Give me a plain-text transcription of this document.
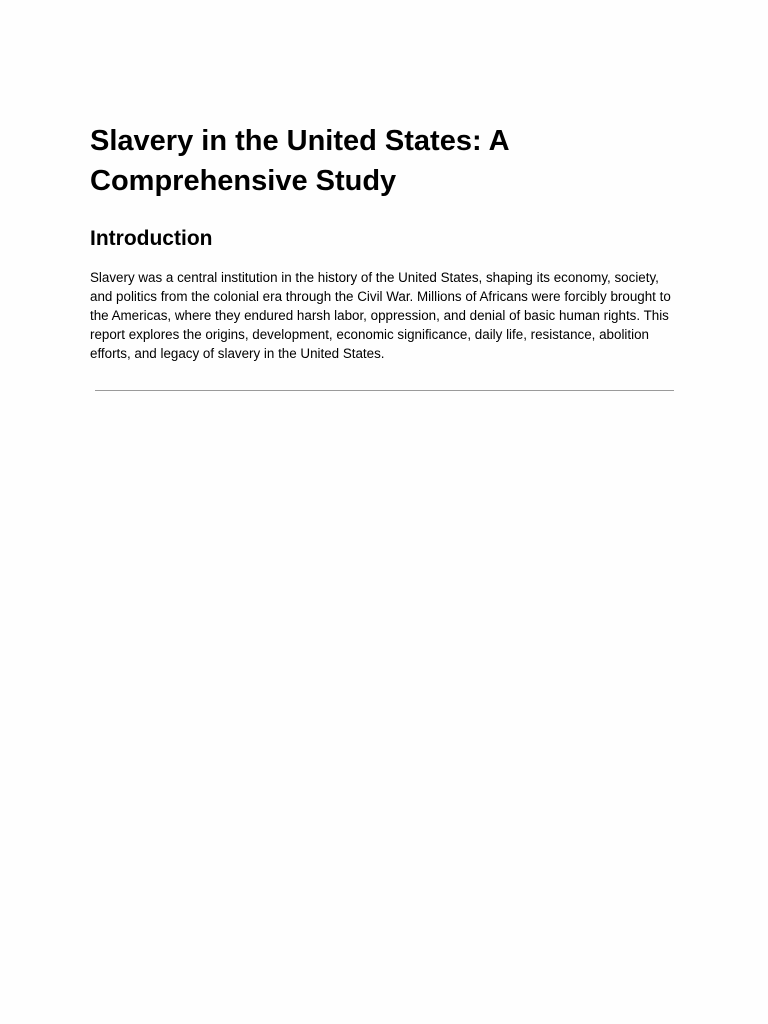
Slavery in the United States: A Comprehensive Study
Introduction

Slavery was a central institution in the history of the United States, shaping its economy, society, and politics from the colonial era through the Civil War. Millions of Africans were forcibly brought to the Americas, where they endured harsh labor, oppression, and denial of basic human rights. This report explores the origins, development, economic significance, daily life, resistance, abolition efforts, and legacy of slavery in the United States.
